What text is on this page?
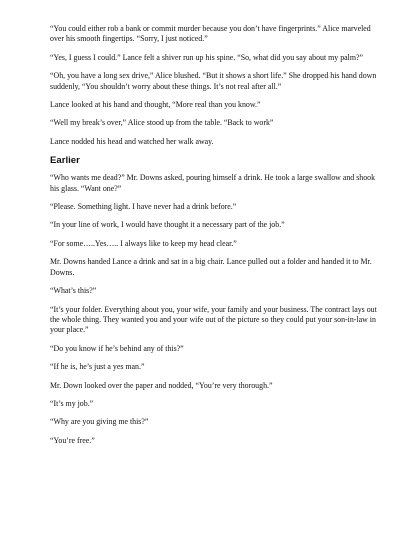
“You could either rob a bank or commit murder because you don’t have fingerprints.” Alice marveled over his smooth fingertips. “Sorry, I just noticed.”

“Yes, I guess I could.” Lance felt a shiver run up his spine. “So, what did you say about my palm?”

“Oh, you have a long sex drive,” Alice blushed. “But it shows a short life.” She dropped his hand down suddenly, “You shouldn’t worry about these things. It’s not real after all.”

Lance looked at his hand and thought, “More real than you know.”

“Well my break’s over,” Alice stood up from the table. “Back to work”

Lance nodded his head and watched her walk away.

Earlier

“Who wants me dead?” Mr. Downs asked, pouring himself a drink. He took a large swallow and shook his glass. “Want one?”

“Please. Something light. I have never had a drink before.”

“In your line of work, I would have thought it a necessary part of the job.”

“For some…..Yes….. I always like to keep my head clear.”

Mr. Downs handed Lance a drink and sat in a big chair. Lance pulled out a folder and handed it to Mr. Downs.

“What’s this?”

“It’s your folder. Everything about you, your wife, your family and your business. The contract lays out the whole thing. They wanted you and your wife out of the picture so they could put your son-in-law in your place.”

“Do you know if he’s behind any of this?”

“If he is, he’s just a yes man.”

Mr. Down looked over the paper and nodded, “You’re very thorough.”

“It’s my job.”

“Why are you giving me this?”

“You’re free.”
